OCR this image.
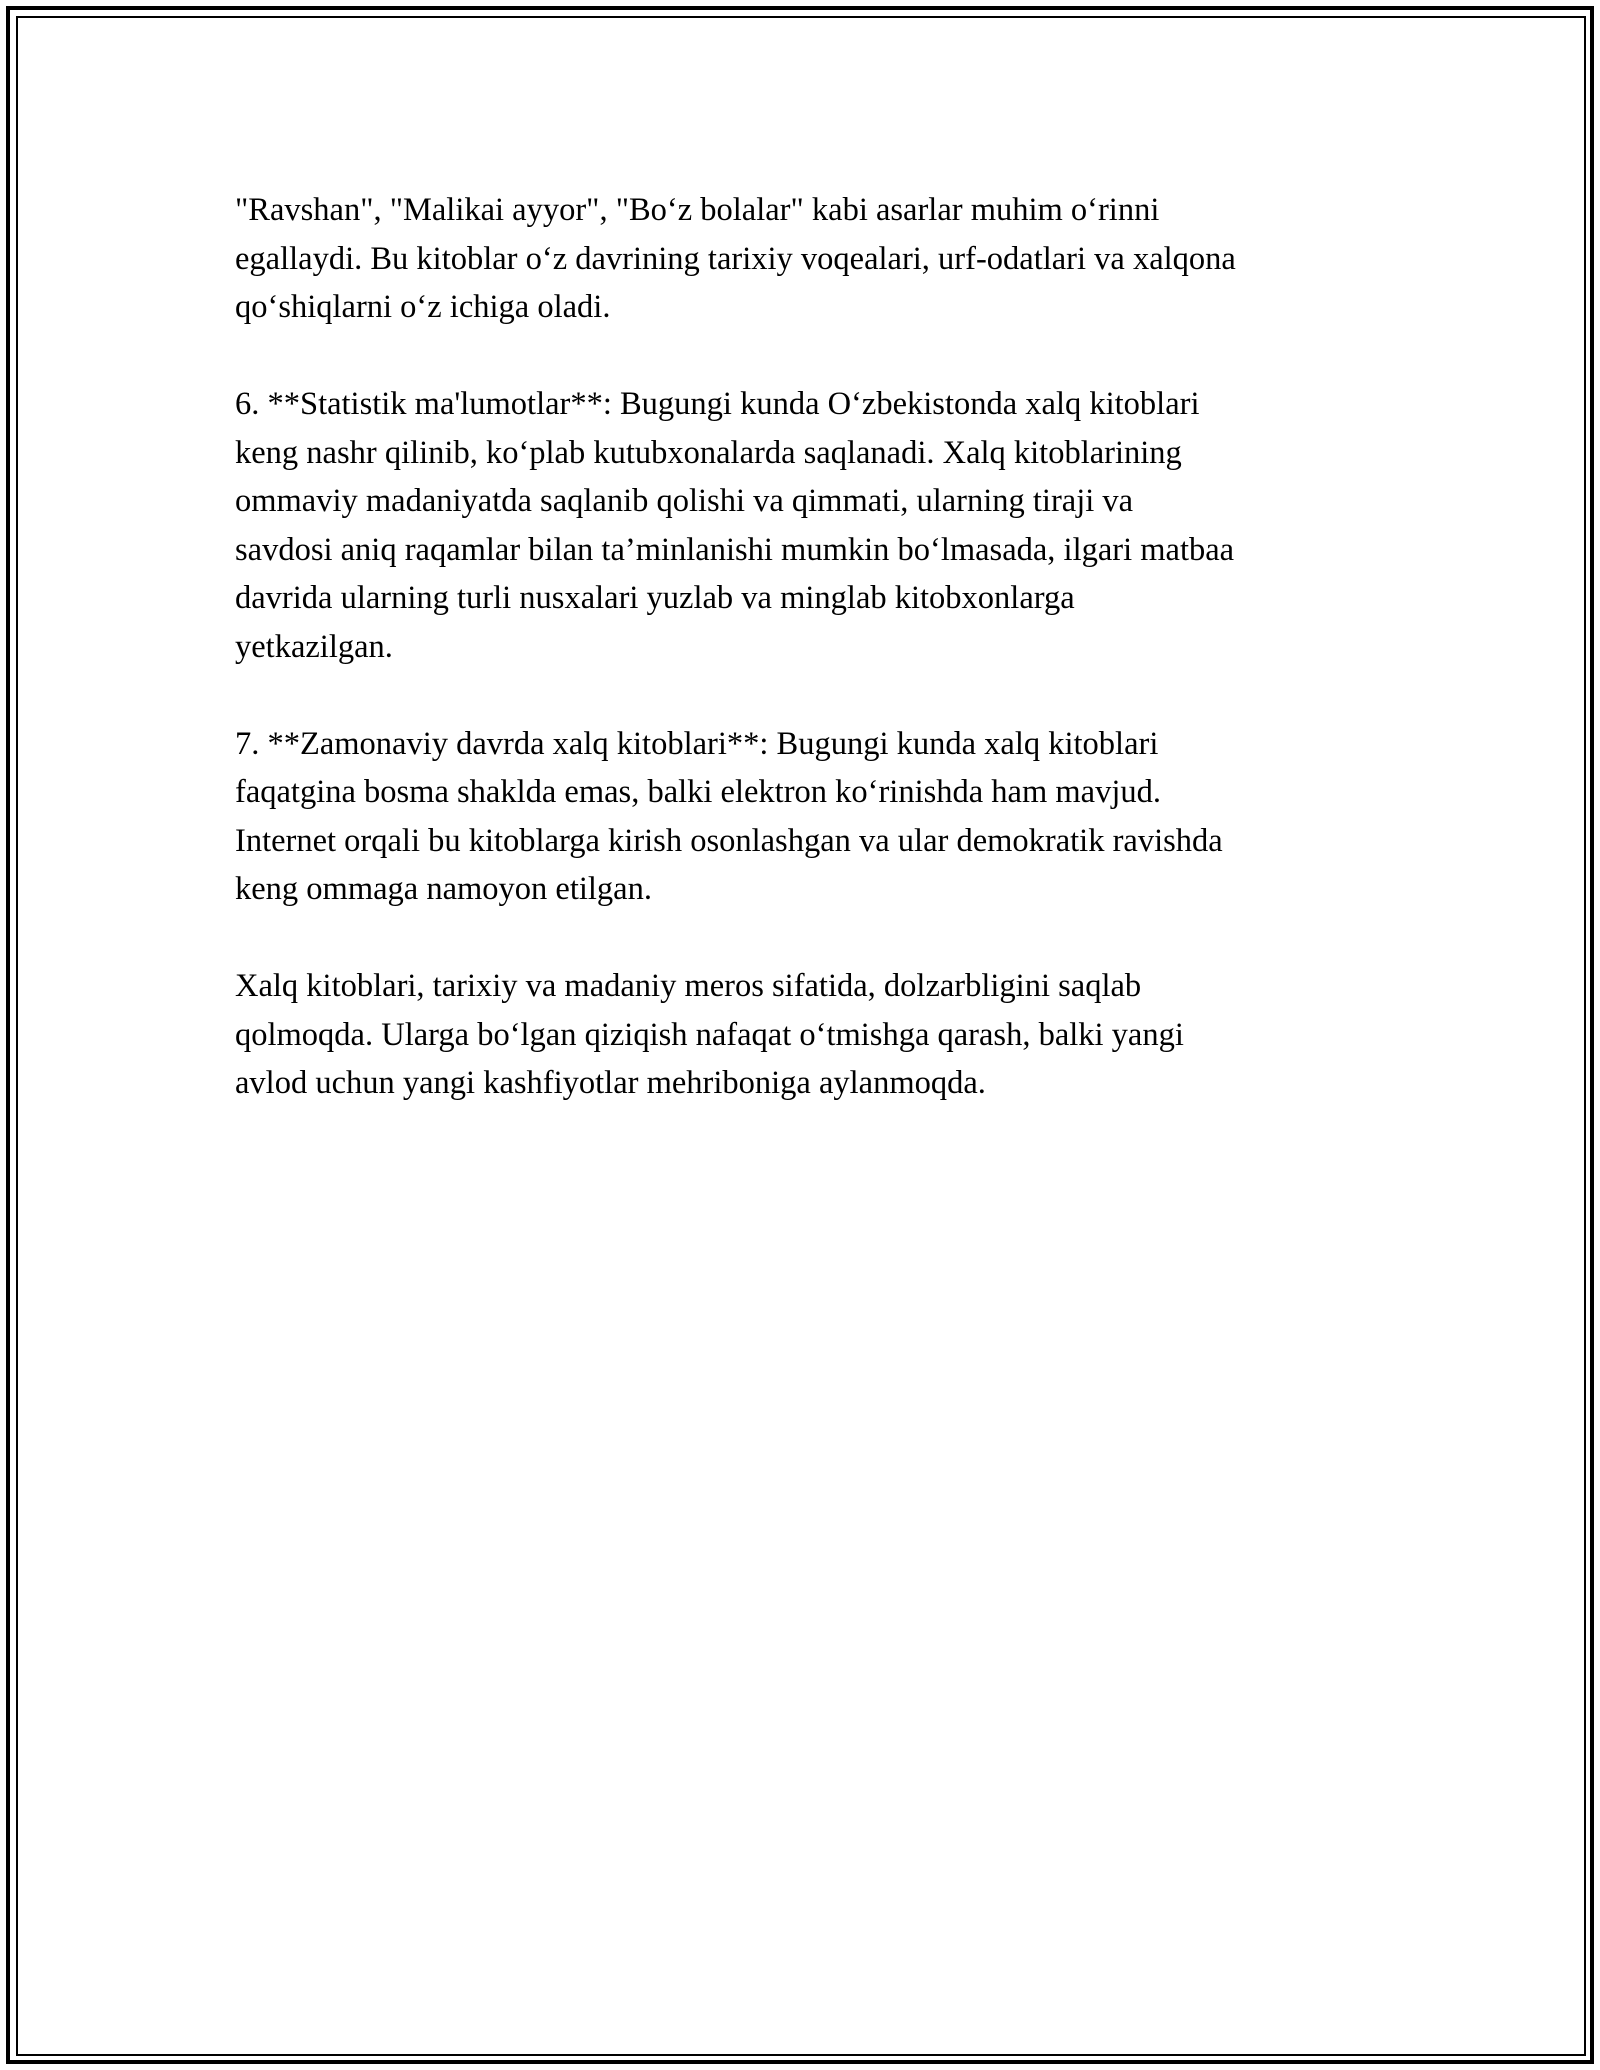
"Ravshan", "Malikai ayyor", "Bo‘z bolalar" kabi asarlar muhim o‘rinni
egallaydi. Bu kitoblar o‘z davrining tarixiy voqealari, urf-odatlari va xalqona
qo‘shiqlarni o‘z ichiga oladi.

6. **Statistik ma'lumotlar**: Bugungi kunda O‘zbekistonda xalq kitoblari
keng nashr qilinib, ko‘plab kutubxonalarda saqlanadi. Xalq kitoblarining
ommaviy madaniyatda saqlanib qolishi va qimmati, ularning tiraji va
savdosi aniq raqamlar bilan ta’minlanishi mumkin bo‘lmasada, ilgari matbaa
davrida ularning turli nusxalari yuzlab va minglab kitobxonlarga
yetkazilgan.

7. **Zamonaviy davrda xalq kitoblari**: Bugungi kunda xalq kitoblari
faqatgina bosma shaklda emas, balki elektron ko‘rinishda ham mavjud.
Internet orqali bu kitoblarga kirish osonlashgan va ular demokratik ravishda
keng ommaga namoyon etilgan.

Xalq kitoblari, tarixiy va madaniy meros sifatida, dolzarbligini saqlab
qolmoqda. Ularga bo‘lgan qiziqish nafaqat o‘tmishga qarash, balki yangi
avlod uchun yangi kashfiyotlar mehriboniga aylanmoqda.
